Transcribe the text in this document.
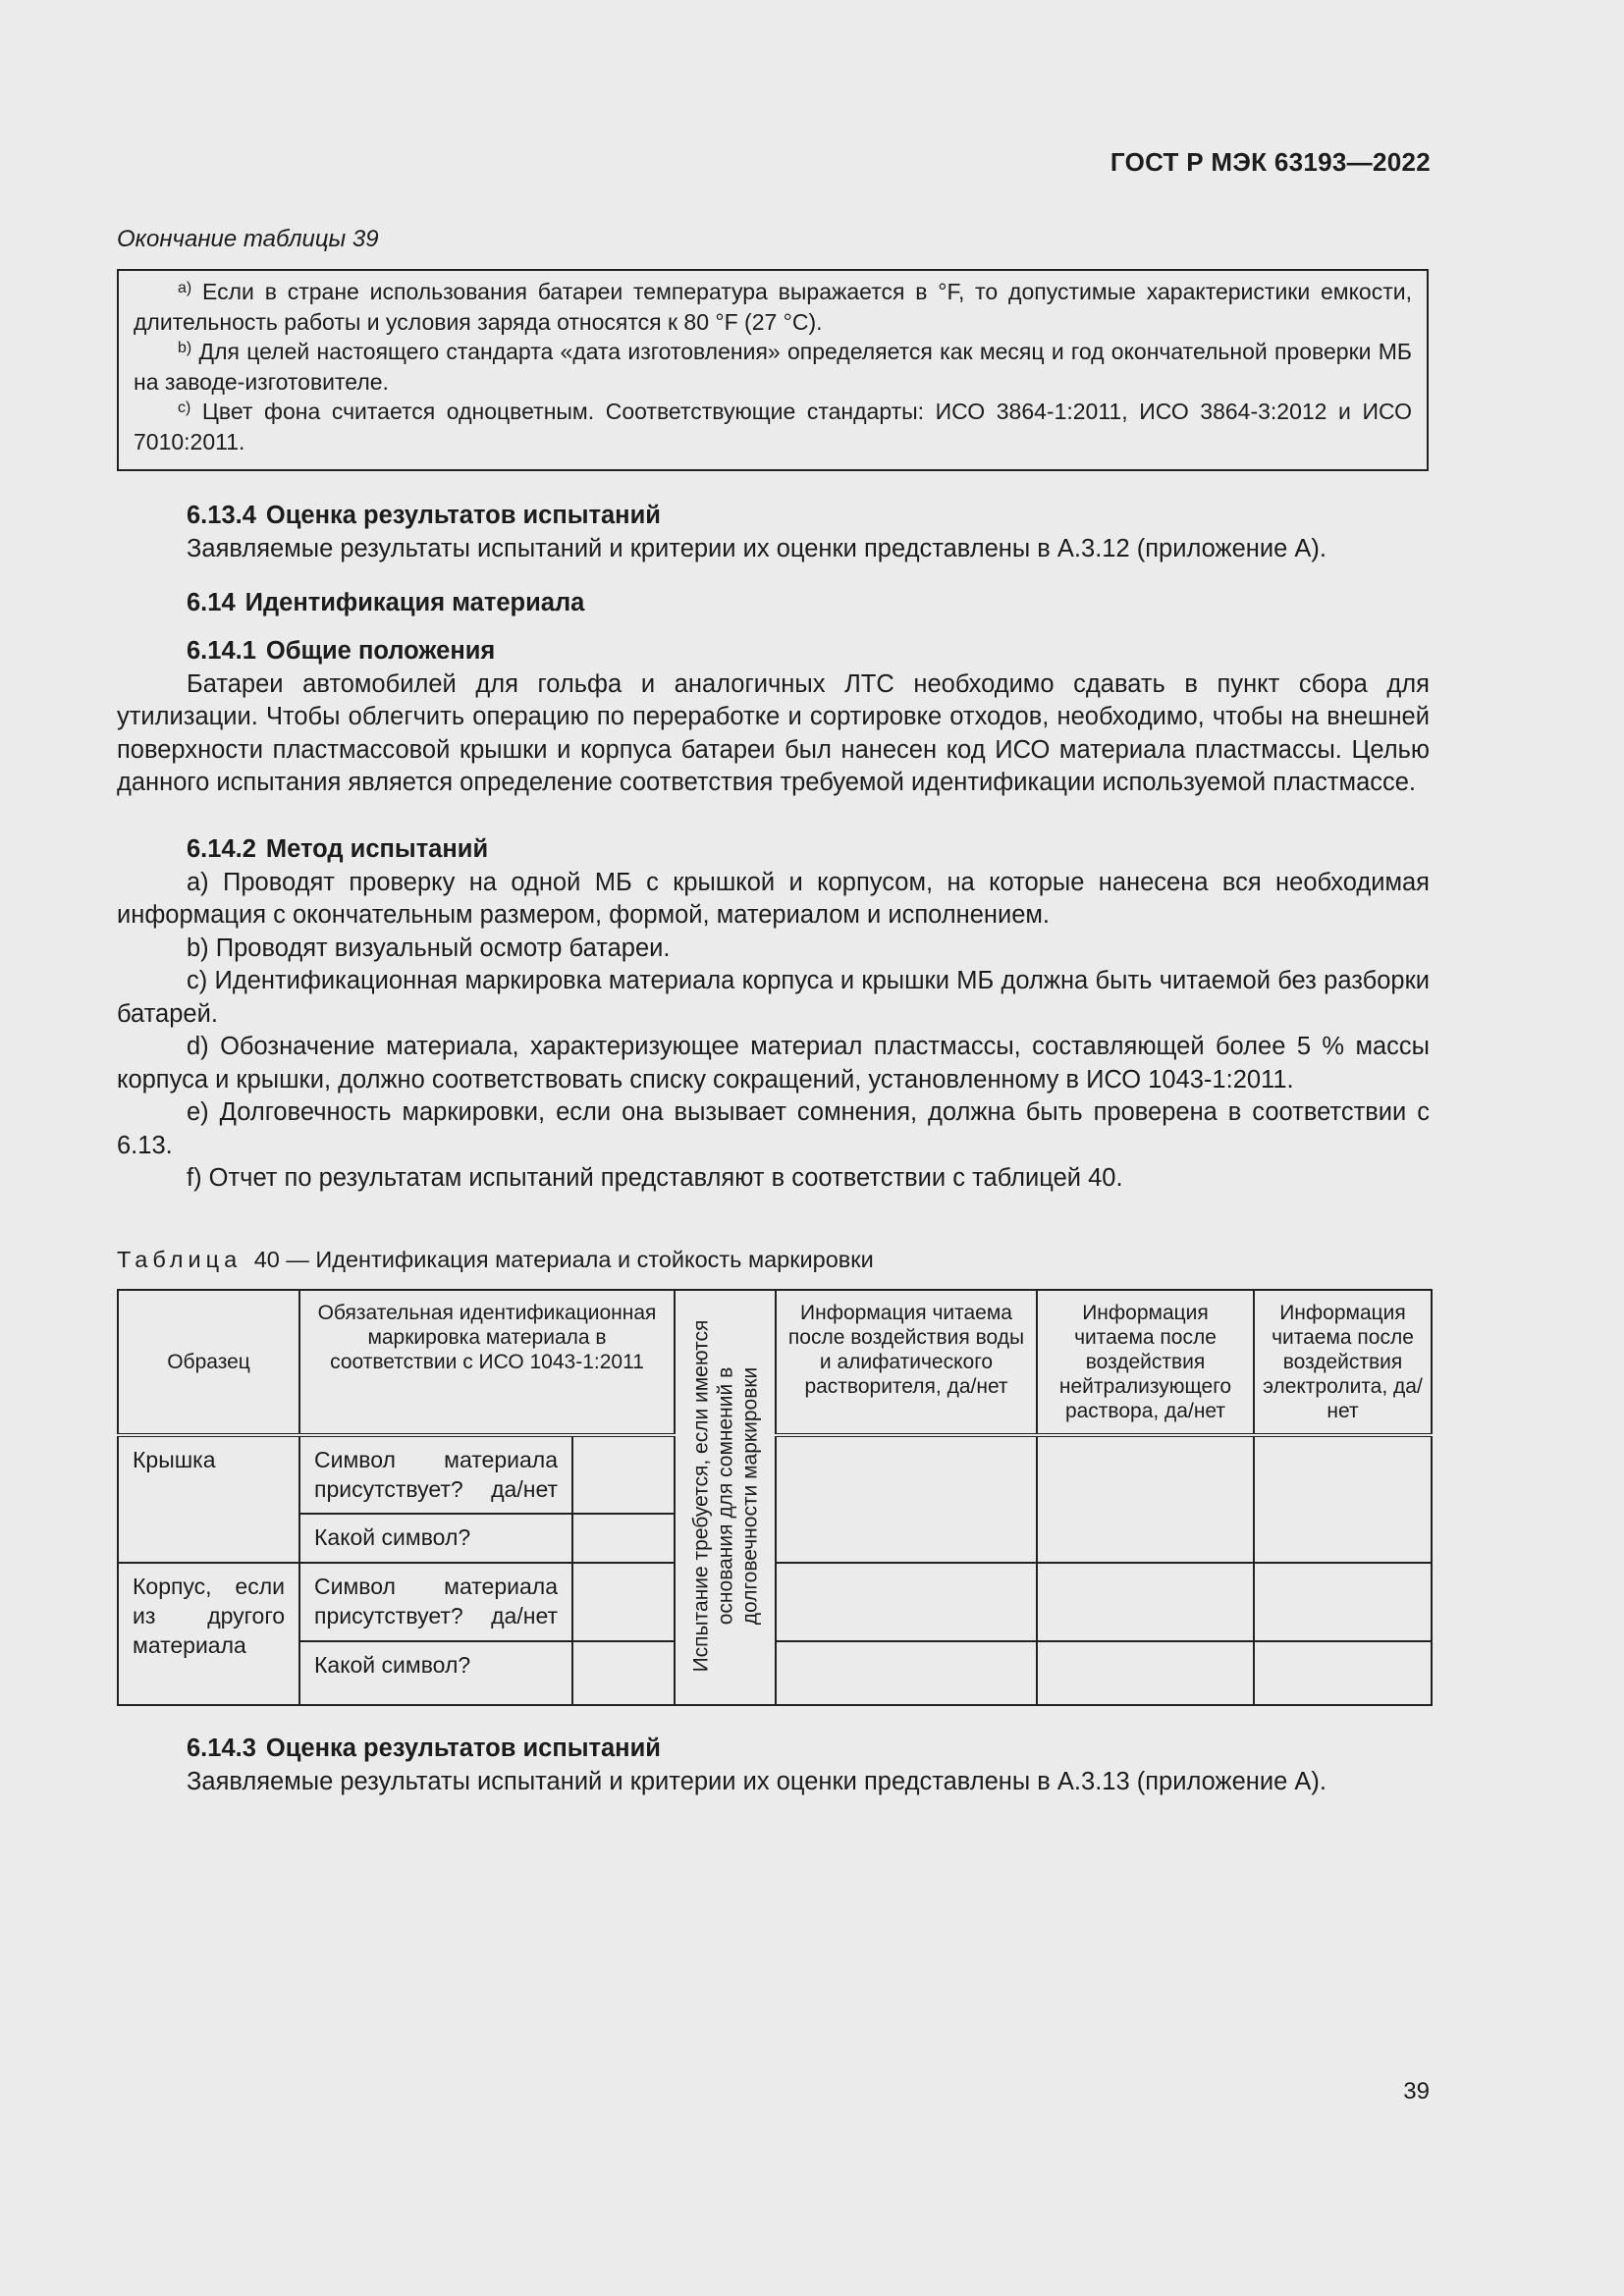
ГОСТ Р МЭК 63193—2022
Окончание таблицы 39

$^{a)}$ Если в стране использования батареи температура выражается в °F, то допустимые характеристики емкости, длительность работы и условия заряда относятся к 80 °F (27 °C).

$^{b)}$ Для целей настоящего стандарта «дата изготовления» определяется как месяц и год окончательной проверки МБ на заводе-изготовителе.

$^{c)}$ Цвет фона считается одноцветным. Соответствующие стандарты: ИСО 3864-1:2011, ИСО 3864-3:2012 и ИСО 7010:2011.

6.13.4 Оценка результатов испытаний

Заявляемые результаты испытаний и критерии их оценки представлены в А.3.12 (приложение А).

6.14 Идентификация материала
6.14.1 Общие положения

Батареи автомобилей для гольфа и аналогичных ЛТС необходимо сдавать в пункт сбора для утилизации. Чтобы облегчить операцию по переработке и сортировке отходов, необходимо, чтобы на внешней поверхности пластмассовой крышки и корпуса батареи был нанесен код ИСО материала пластмассы. Целью данного испытания является определение соответствия требуемой идентификации используемой пластмассе.

6.14.2 Метод испытаний

a) Проводят проверку на одной МБ с крышкой и корпусом, на которые нанесена вся необходимая информация с окончательным размером, формой, материалом и исполнением.

b) Проводят визуальный осмотр батареи.

c) Идентификационная маркировка материала корпуса и крышки МБ должна быть читаемой без разборки батарей.

d) Обозначение материала, характеризующее материал пластмассы, составляющей более 5 % массы корпуса и крышки, должно соответствовать списку сокращений, установленному в ИСО 1043-1:2011.

e) Долговечность маркировки, если она вызывает сомнения, должна быть проверена в соответствии с 6.13.

f) Отчет по результатам испытаний представляют в соответствии с таблицей 40.

Таблица 40 — Идентификация материала и стойкость маркировки
Образец	Обязательная идентификационная маркировка материала в соответствии с ИСО 1043-1:2011		Испытание требуется, если имеются основания для сомнений в долговечности маркировки	Информация читаема после воздействия воды и алифатического растворителя, да/нет	Информация читаема после воздействия нейтрализующего раствора, да/нет	Информация читаема после воздействия электролита, да/нет
Крышка	Символ материала присутствует? да/нет					
	Какой символ?					
Корпус, если из другого материала	Символ материала присутствует? да/нет					
	Какой символ?					
6.14.3 Оценка результатов испытаний

Заявляемые результаты испытаний и критерии их оценки представлены в А.3.13 (приложение А).

39
